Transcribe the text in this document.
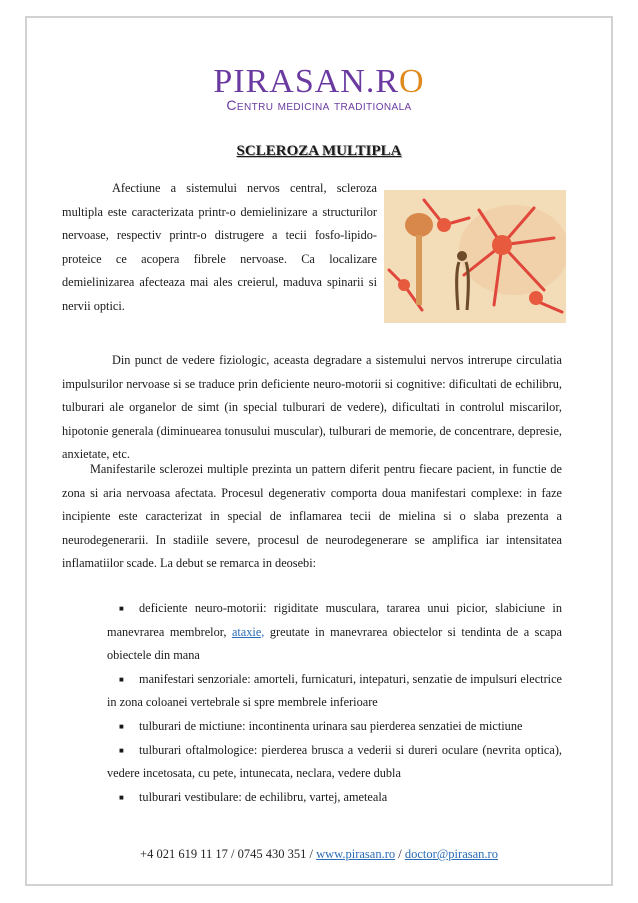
PIRASAN.RO
Centru medicina traditionala
SCLEROZA MULTIPLA

Afectiune a sistemului nervos central, scleroza multipla este caracterizata printr-o demielinizare a structurilor nervoase, respectiv printr-o distrugere a tecii fosfo-lipido-proteice ce acopera fibrele nervoase. Ca localizare demielinizarea afecteaza mai ales creierul, maduva spinarii si nervii optici.

Din punct de vedere fiziologic, aceasta degradare a sistemului nervos intrerupe circulatia impulsurilor nervoase si se traduce prin deficiente neuro-motorii si cognitive: dificultati de echilibru, tulburari ale organelor de simt (in special tulburari de vedere), dificultati in controlul miscarilor, hipotonie generala (diminuearea tonusului muscular), tulburari de memorie, de concentrare, depresie, anxietate, etc.

Manifestarile sclerozei multiple prezinta un pattern diferit pentru fiecare pacient, in functie de zona si aria nervoasa afectata. Procesul degenerativ comporta doua manifestari complexe: in faze incipiente este caracterizat in special de inflamarea tecii de mielina si o slaba prezenta a neurodegenerarii. In stadiile severe, procesul de neurodegenerare se amplifica iar intensitatea inflamatiilor scade. La debut se remarca in deosebi:

■ deficiente neuro-motorii: rigiditate musculara, tararea unui picior, slabiciune in manevrarea membrelor, ataxie, greutate in manevrarea obiectelor si tendinta de a scapa obiectele din mana
■ manifestari senzoriale: amorteli, furnicaturi, intepaturi, senzatie de impulsuri electrice in zona coloanei vertebrale si spre membrele inferioare
■ tulburari de mictiune: incontinenta urinara sau pierderea senzatiei de mictiune
■ tulburari oftalmologice: pierderea brusca a vederii si dureri oculare (nevrita optica), vedere incetosata, cu pete, intunecata, neclara, vedere dubla
■ tulburari vestibulare: de echilibru, vartej, ameteala
+4 021 619 11 17 / 0745 430 351 / www.pirasan.ro / doctor@pirasan.ro
